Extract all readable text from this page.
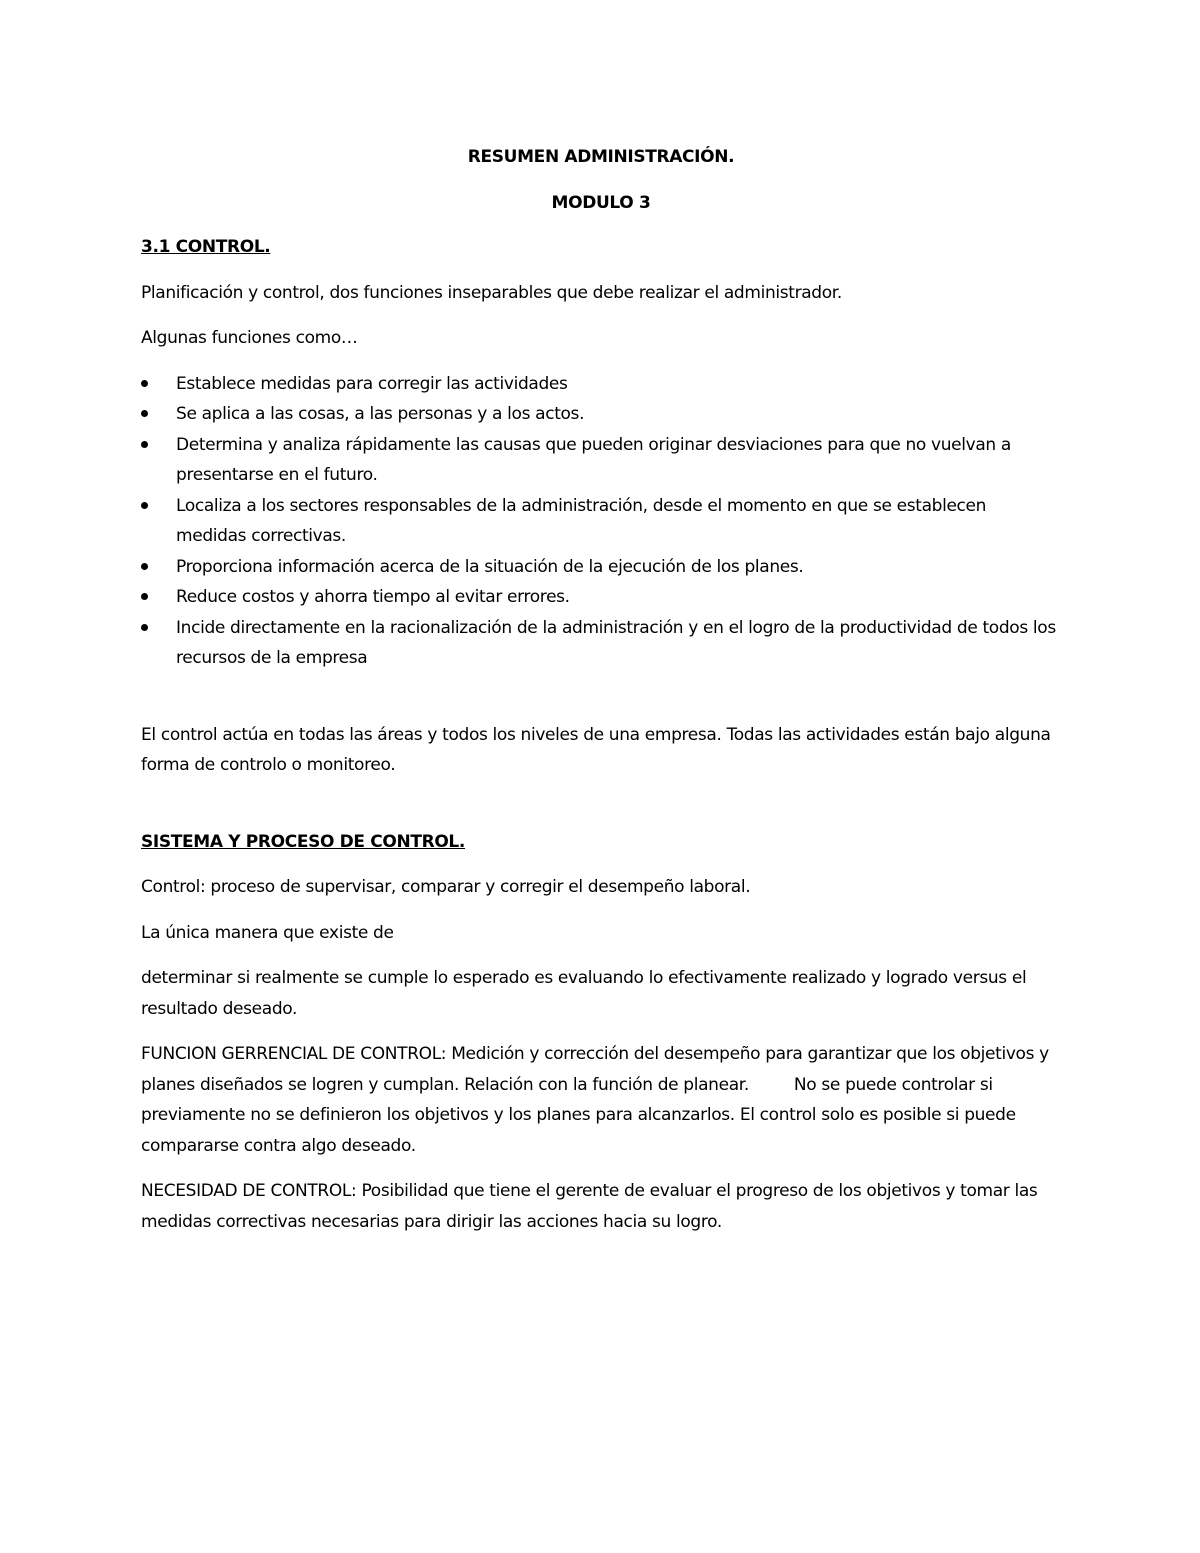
RESUMEN ADMINISTRACIÓN.

MODULO 3

3.1 CONTROL.

Planificación y control, dos funciones inseparables que debe realizar el administrador.

Algunas funciones como…

Establece medidas para corregir las actividades
Se aplica a las cosas, a las personas y a los actos.
Determina y analiza rápidamente las causas que pueden originar desviaciones para que no vuelvan a presentarse en el futuro.
Localiza a los sectores responsables de la administración, desde el momento en que se establecen medidas correctivas.
Proporciona información acerca de la situación de la ejecución de los planes.
Reduce costos y ahorra tiempo al evitar errores.
Incide directamente en la racionalización de la administración y en el logro de la productividad de todos los recursos de la empresa

El control actúa en todas las áreas y todos los niveles de una empresa. Todas las actividades están bajo alguna forma de controlo o monitoreo.

SISTEMA Y PROCESO DE CONTROL.

Control: proceso de supervisar, comparar y corregir el desempeño laboral.

La única manera que existe de

determinar si realmente se cumple lo esperado es evaluando lo efectivamente realizado y logrado versus el resultado deseado.

FUNCION GERRENCIAL DE CONTROL: Medición y corrección del desempeño para garantizar que los objetivos y planes diseñados se logren y cumplan. Relación con la función de planear.	No se puede controlar si previamente no se definieron los objetivos y los planes para alcanzarlos. El control solo es posible si puede compararse contra algo deseado.

NECESIDAD DE CONTROL: Posibilidad que tiene el gerente de evaluar el progreso de los objetivos y tomar las medidas correctivas necesarias para dirigir las acciones hacia su logro.
